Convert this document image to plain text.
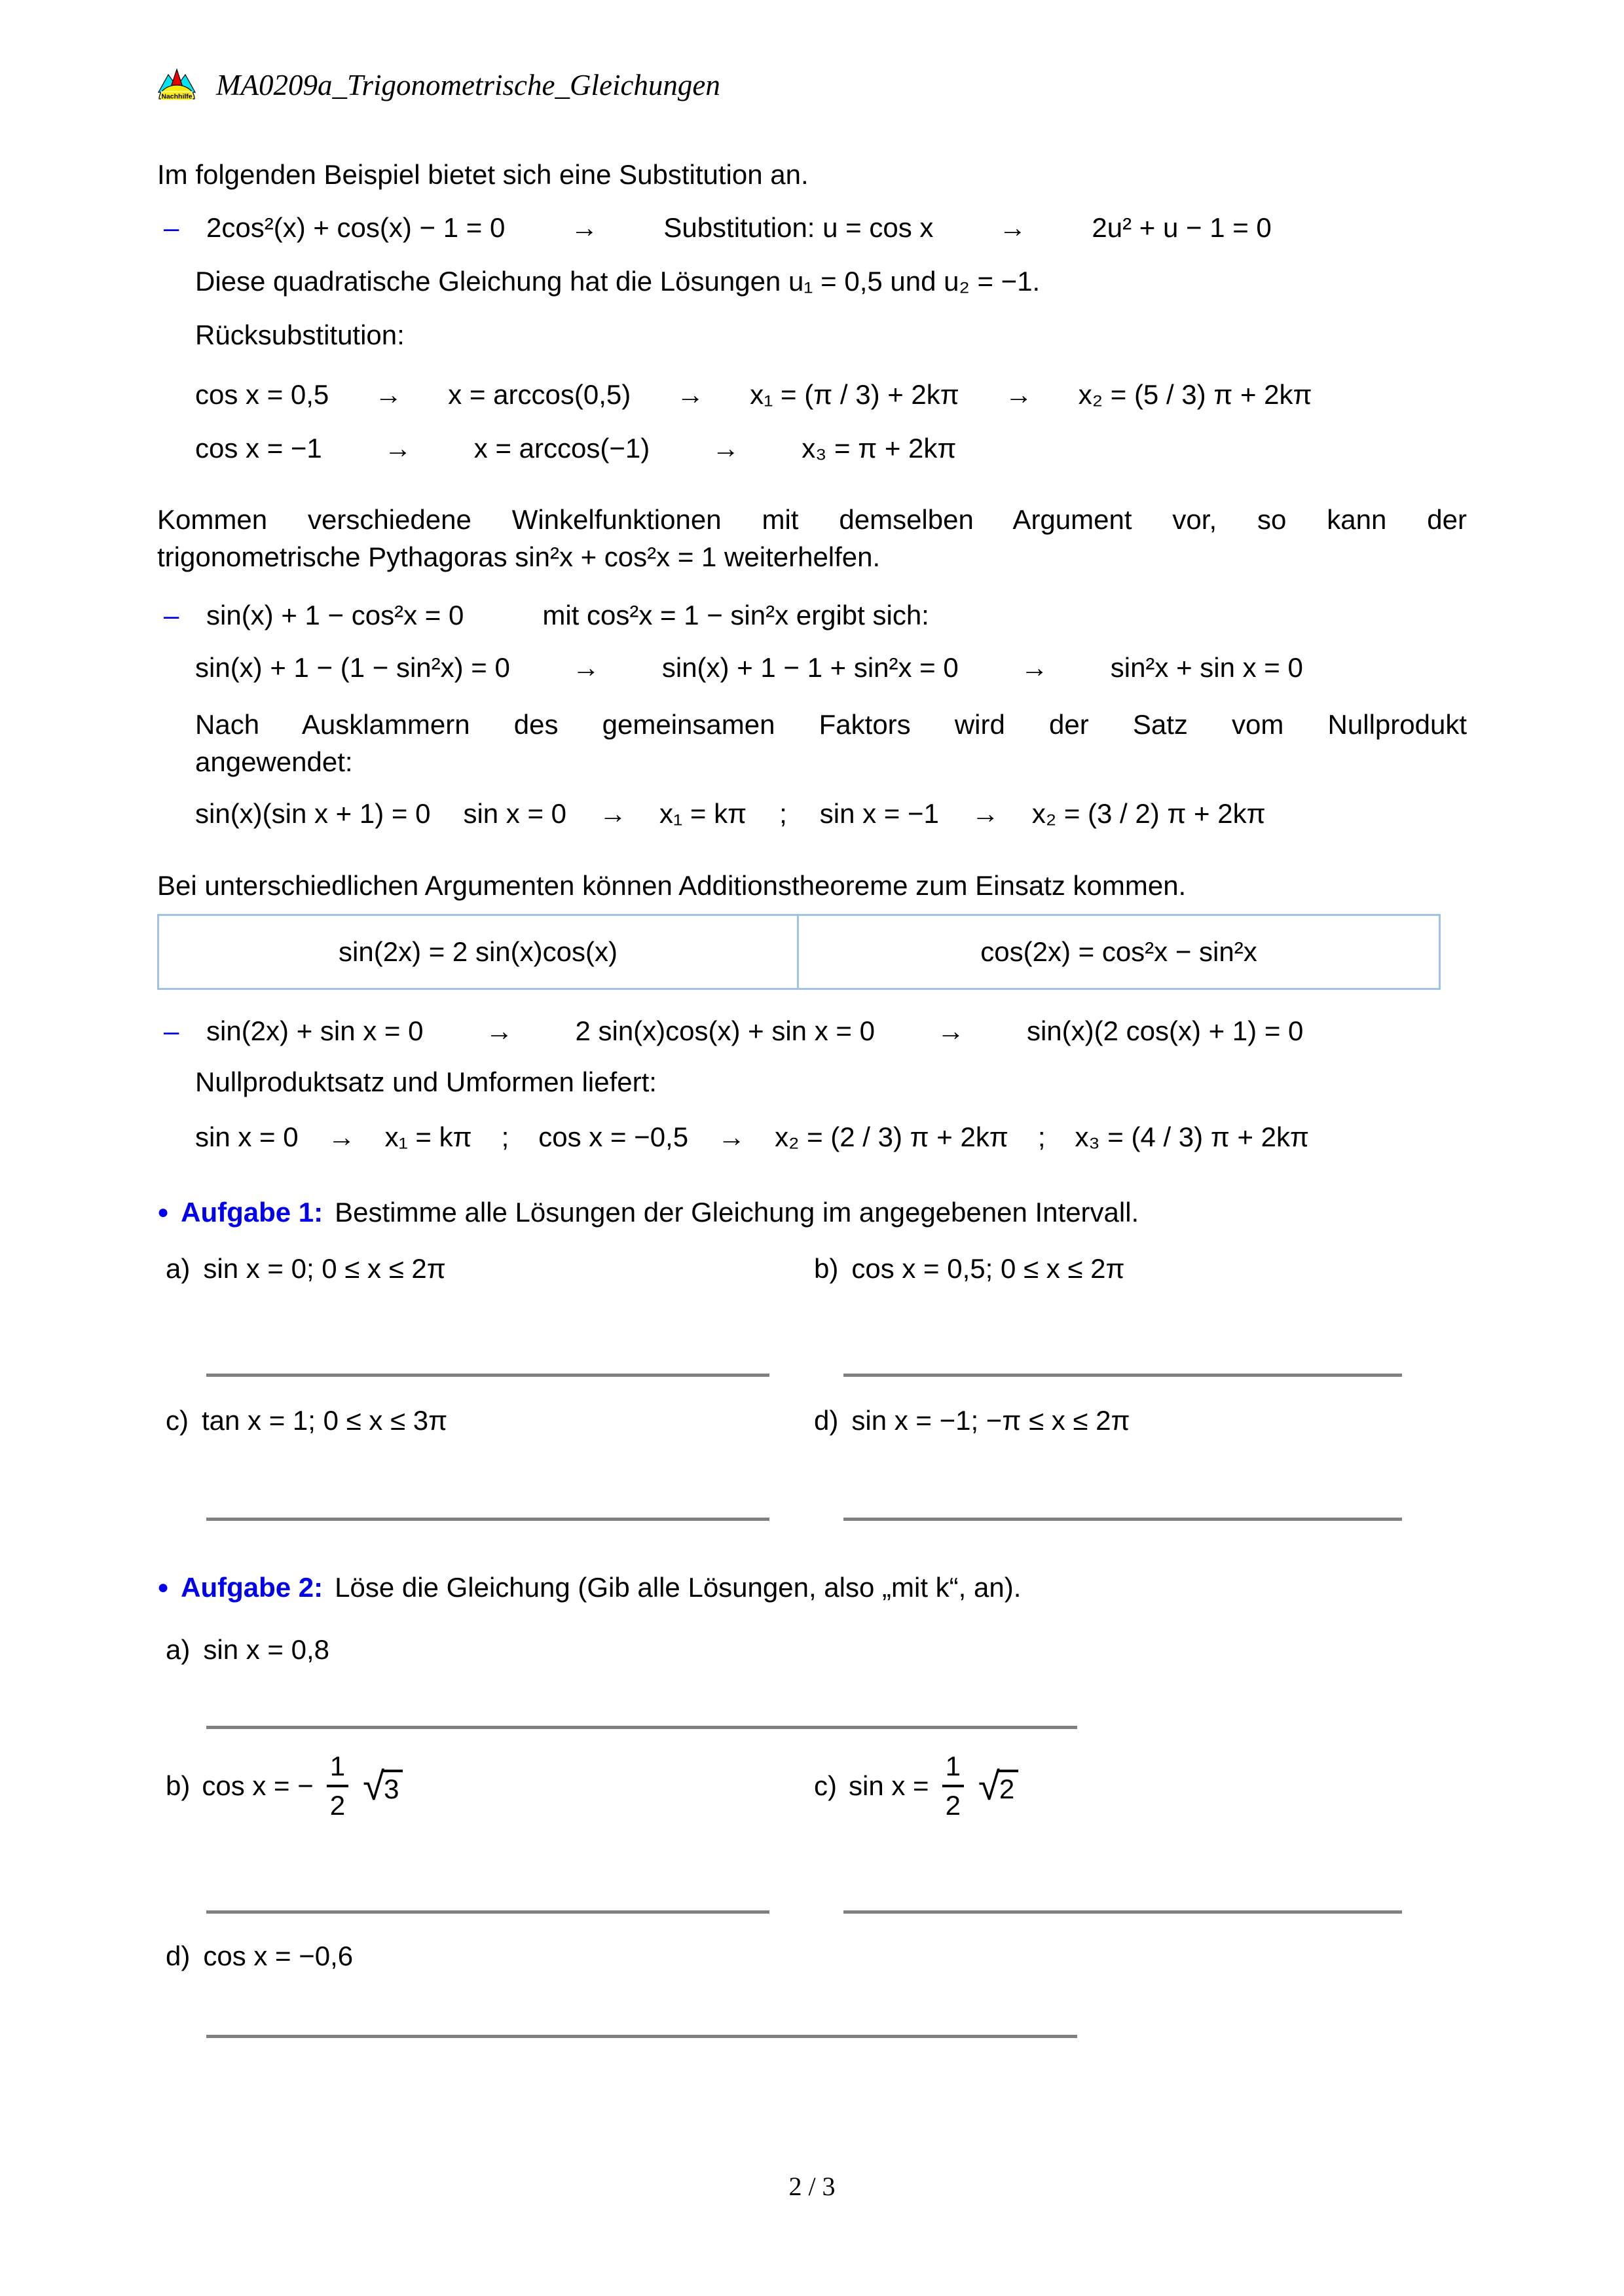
Nachhilfe MA0209a_Trigonometrische_Gleichungen
Im folgenden Beispiel bietet sich eine Substitution an.
– 2cos²(x) + cos(x) − 1 = 0 → Substitution: u = cos x → 2u² + u − 1 = 0
Diese quadratische Gleichung hat die Lösungen u₁ = 0,5 und u₂ = −1.
Rücksubstitution:
cos x = 0,5 → x = arccos(0,5) → x₁ = (π / 3) + 2kπ → x₂ = (5 / 3) π + 2kπ
cos x = −1 → x = arccos(−1) → x₃ = π + 2kπ
Kommen verschiedene Winkelfunktionen mit demselben Argument vor, so kann der
trigonometrische Pythagoras sin²x + cos²x = 1 weiterhelfen.
– sin(x) + 1 − cos²x = 0	mit cos²x = 1 − sin²x ergibt sich:
sin(x) + 1 − (1 − sin²x) = 0 → sin(x) + 1 − 1 + sin²x = 0 → sin²x + sin x = 0
Nach Ausklammern des gemeinsamen Faktors wird der Satz vom Nullprodukt
angewendet:
sin(x)(sin x + 1) = 0 sin x = 0 → x₁ = kπ ; sin x = −1 → x₂ = (3 / 2) π + 2kπ
Bei unterschiedlichen Argumenten können Additionstheoreme zum Einsatz kommen.
sin(2x) = 2 sin(x)cos(x)	cos(2x) = cos²x − sin²x
– sin(2x) + sin x = 0 → 2 sin(x)cos(x) + sin x = 0 → sin(x)(2 cos(x) + 1) = 0
Nullproduktsatz und Umformen liefert:
sin x = 0 → x₁ = kπ ; cos x = −0,5 → x₂ = (2 / 3) π + 2kπ ; x₃ = (4 / 3) π + 2kπ
● Aufgabe 1: Bestimme alle Lösungen der Gleichung im angegebenen Intervall.
a) sin x = 0; 0 ≤ x ≤ 2π	b) cos x = 0,5; 0 ≤ x ≤ 2π
c) tan x = 1; 0 ≤ x ≤ 3π	d) sin x = −1; −π ≤ x ≤ 2π
● Aufgabe 2: Löse die Gleichung (Gib alle Lösungen, also „mit k“, an).
a) sin x = 0,8
b) cos x = − $\frac{1}{2}$ √ 3	c) $\sin x = \frac{1}{2}$ √ 2
d) cos x = −0,6
2 / 3
